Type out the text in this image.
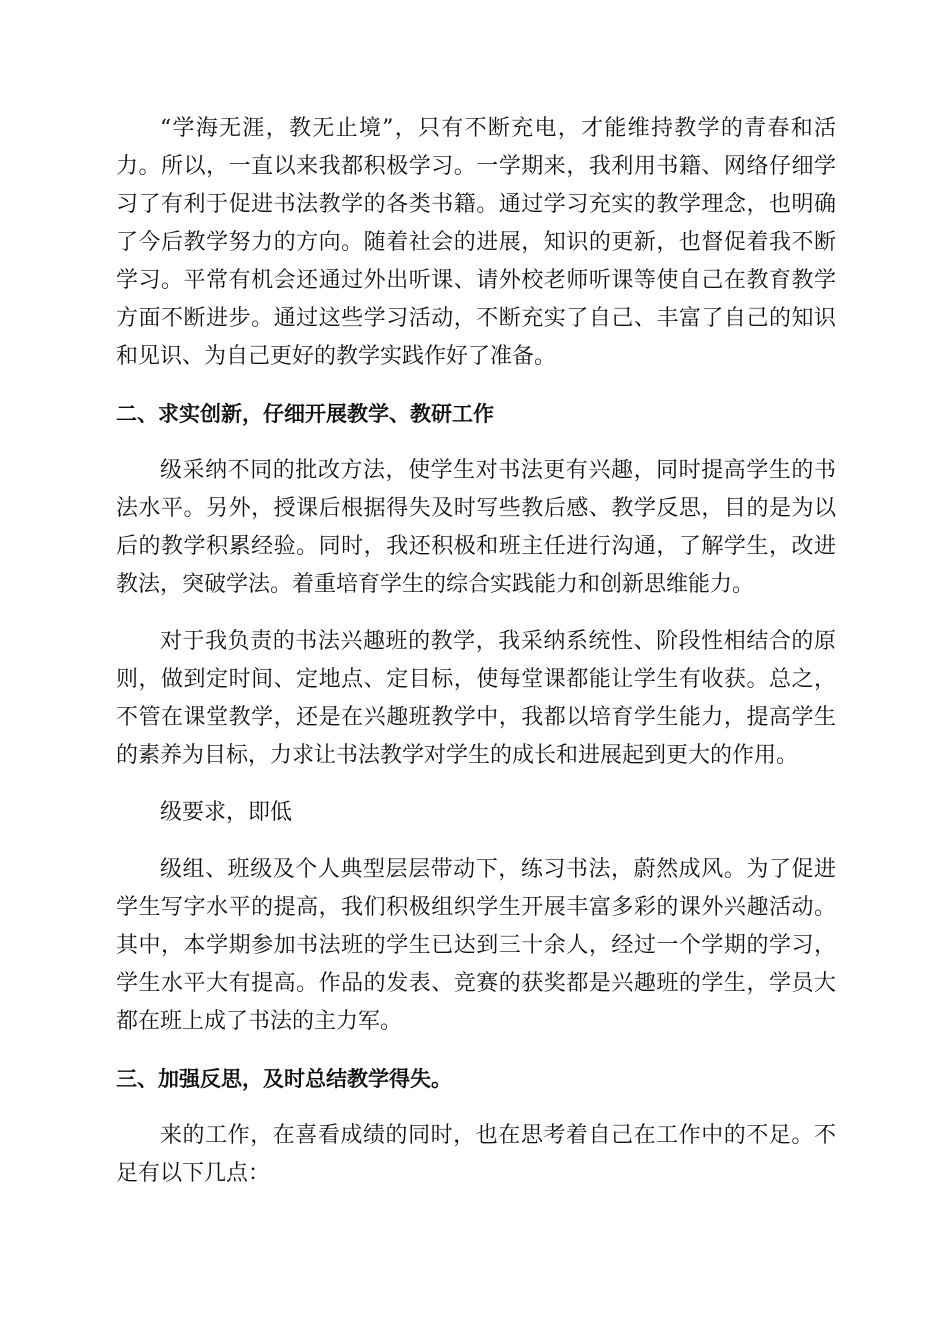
“学海无涯，教无止境”，只有不断充电，才能维持教学的青春和活
力。所以，一直以来我都积极学习。一学期来，我利用书籍、网络仔细学
习了有利于促进书法教学的各类书籍。通过学习充实的教学理念，也明确
了今后教学努力的方向。随着社会的进展，知识的更新，也督促着我不断
学习。平常有机会还通过外出听课、请外校老师听课等使自己在教育教学
方面不断进步。通过这些学习活动，不断充实了自己、丰富了自己的知识
和见识、为自己更好的教学实践作好了准备。
二、求实创新，仔细开展教学、教研工作
级采纳不同的批改方法，使学生对书法更有兴趣，同时提高学生的书
法水平。另外，授课后根据得失及时写些教后感、教学反思，目的是为以
后的教学积累经验。同时，我还积极和班主任进行沟通，了解学生，改进
教法，突破学法。着重培育学生的综合实践能力和创新思维能力。
对于我负责的书法兴趣班的教学，我采纳系统性、阶段性相结合的原
则，做到定时间、定地点、定目标，使每堂课都能让学生有收获。总之，
不管在课堂教学，还是在兴趣班教学中，我都以培育学生能力，提高学生
的素养为目标，力求让书法教学对学生的成长和进展起到更大的作用。
级要求，即低
级组、班级及个人典型层层带动下，练习书法，蔚然成风。为了促进
学生写字水平的提高，我们积极组织学生开展丰富多彩的课外兴趣活动。
其中，本学期参加书法班的学生已达到三十余人，经过一个学期的学习，
学生水平大有提高。作品的发表、竞赛的获奖都是兴趣班的学生，学员大
都在班上成了书法的主力军。
三、加强反思，及时总结教学得失。
来的工作，在喜看成绩的同时，也在思考着自己在工作中的不足。不
足有以下几点：
